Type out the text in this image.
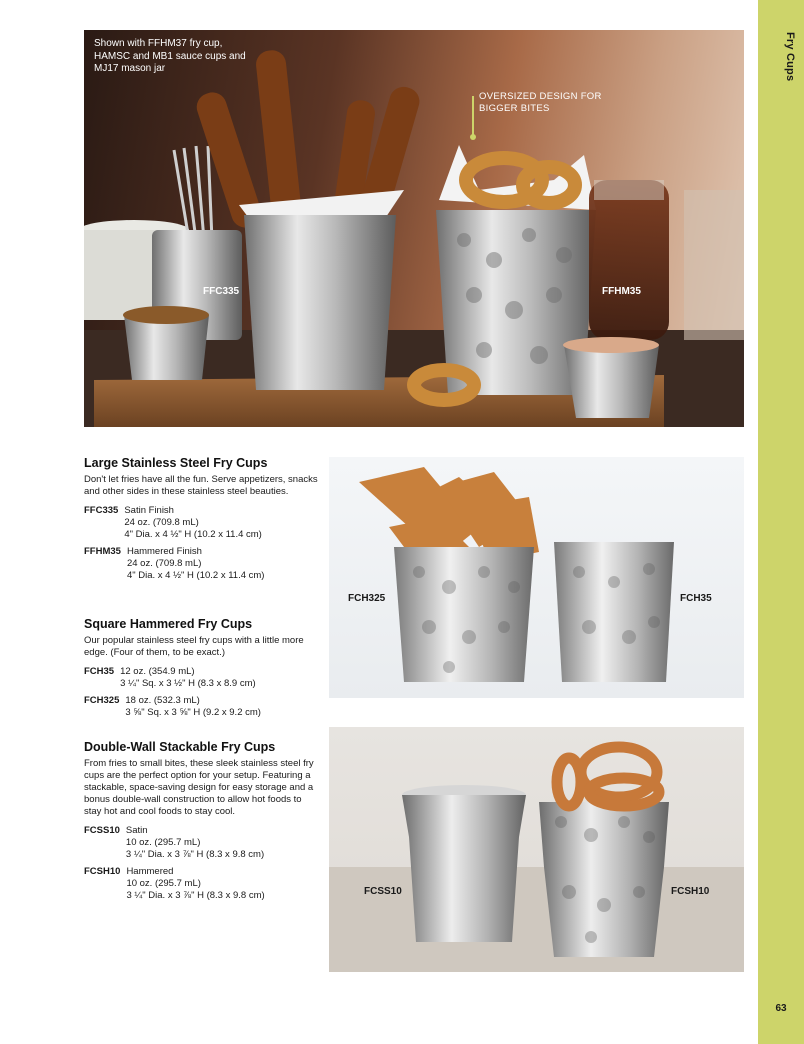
Fry Cups
63
Shown with FFHM37 fry cup, HAMSC and MB1 sauce cups and MJ17 mason jar
OVERSIZED DESIGN FOR BIGGER BITES
FFC335	FFHM35
Large Stainless Steel Fry Cups
Don't let fries have all the fun. Serve appetizers, snacks and other sides in these stainless steel beauties.
FFC335 Satin Finish
24 oz. (709.8 mL)
4" Dia. x 4 ½" H (10.2 x 11.4 cm)
FFHM35 Hammered Finish
24 oz. (709.8 mL)
4" Dia. x 4 ½" H (10.2 x 11.4 cm)
Square Hammered Fry Cups
Our popular stainless steel fry cups with a little more edge. (Four of them, to be exact.)
FCH35 12 oz. (354.9 mL)
3 ¼" Sq. x 3 ½" H (8.3 x 8.9 cm)
FCH325 18 oz. (532.3 mL)
3 ⅝" Sq. x 3 ⅝" H (9.2 x 9.2 cm)
Double-Wall Stackable Fry Cups
From fries to small bites, these sleek stainless steel fry cups are the perfect option for your setup. Featuring a stackable, space-saving design for easy storage and a bonus double-wall construction to allow hot foods to stay hot and cool foods to stay cool.
FCSS10 Satin
10 oz. (295.7 mL)
3 ¼" Dia. x 3 ⅞" H (8.3 x 9.8 cm)
FCSH10 Hammered
10 oz. (295.7 mL)
3 ¼" Dia. x 3 ⅞" H (8.3 x 9.8 cm)
FCH325	FCH35
FCSS10	FCSH10
